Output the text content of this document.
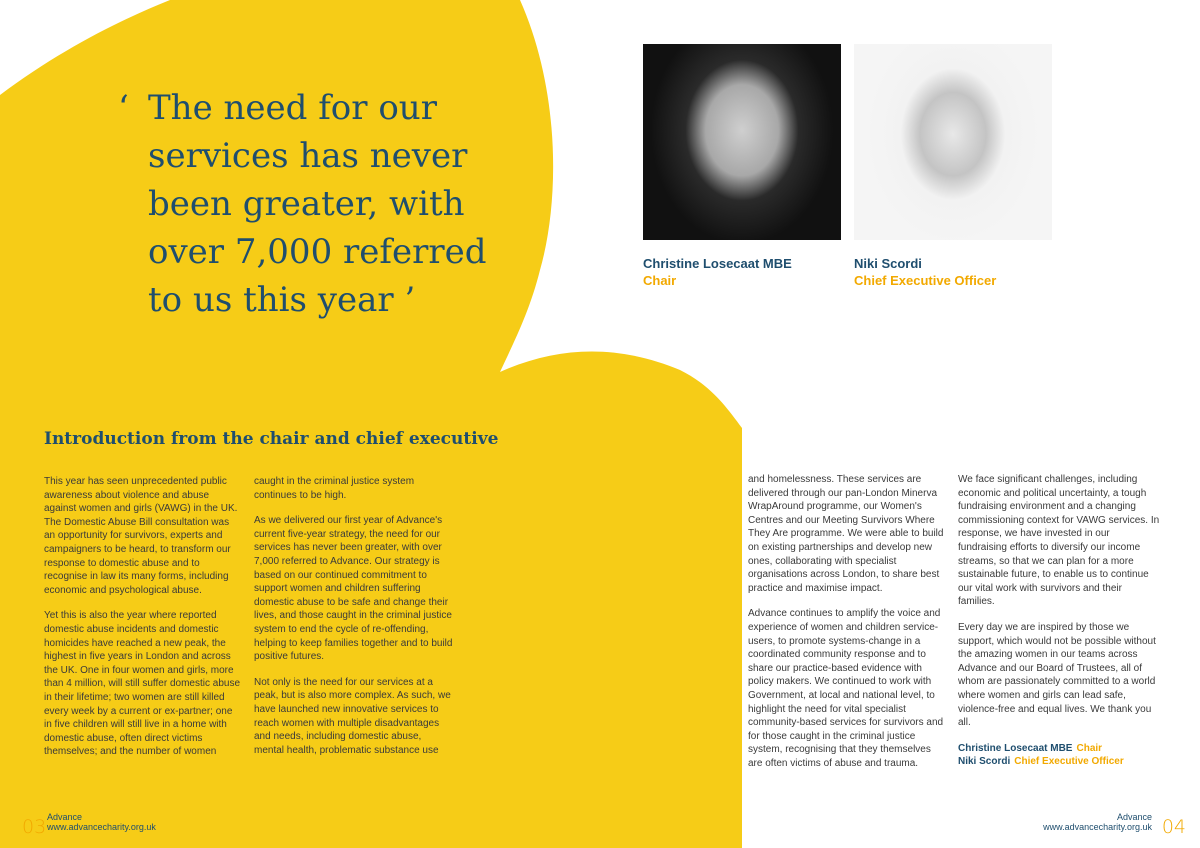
‘ The need for our services has never been greater, with over 7,000 referred to us this year ’
Christine Losecaat MBE
Chair
Niki Scordi
Chief Executive Officer
Introduction from the chair and chief executive

This year has seen unprecedented public awareness about violence and abuse against women and girls (VAWG) in the UK. The Domestic Abuse Bill consultation was an opportunity for survivors, experts and campaigners to be heard, to transform our response to domestic abuse and to recognise in law its many forms, including economic and psychological abuse.

Yet this is also the year where reported domestic abuse incidents and domestic homicides have reached a new peak, the highest in five years in London and across the UK. One in four women and girls, more than 4 million, will still suffer domestic abuse in their lifetime; two women are still killed every week by a current or ex-partner; one in five children will still live in a home with domestic abuse, often direct victims themselves; and the number of women

caught in the criminal justice system continues to be high.

As we delivered our first year of Advance's current five-year strategy, the need for our services has never been greater, with over 7,000 referred to Advance. Our strategy is based on our continued commitment to support women and children suffering domestic abuse to be safe and change their lives, and those caught in the criminal justice system to end the cycle of re-offending, helping to keep families together and to build positive futures.

Not only is the need for our services at a peak, but is also more complex. As such, we have launched new innovative services to reach women with multiple disadvantages and needs, including domestic abuse, mental health, problematic substance use

and homelessness. These services are delivered through our pan-London Minerva WrapAround programme, our Women's Centres and our Meeting Survivors Where They Are programme. We were able to build on existing partnerships and develop new ones, collaborating with specialist organisations across London, to share best practice and maximise impact.

Advance continues to amplify the voice and experience of women and children service-users, to promote systems-change in a coordinated community response and to share our practice-based evidence with policy makers. We continued to work with Government, at local and national level, to highlight the need for vital specialist community-based services for survivors and for those caught in the criminal justice system, recognising that they themselves are often victims of abuse and trauma.

We face significant challenges, including economic and political uncertainty, a tough fundraising environment and a changing commissioning context for VAWG services. In response, we have invested in our fundraising efforts to diversify our income streams, so that we can plan for a more sustainable future, to enable us to continue our vital work with survivors and their families.

Every day we are inspired by those we support, which would not be possible without the amazing women in our teams across Advance and our Board of Trustees, all of whom are passionately committed to a world where women and girls can lead safe, violence-free and equal lives. We thank you all.

Christine Losecaat MBE Chair
Niki Scordi Chief Executive Officer
03 Advance
www.advancecharity.org.uk
Advance
www.advancecharity.org.uk 04
